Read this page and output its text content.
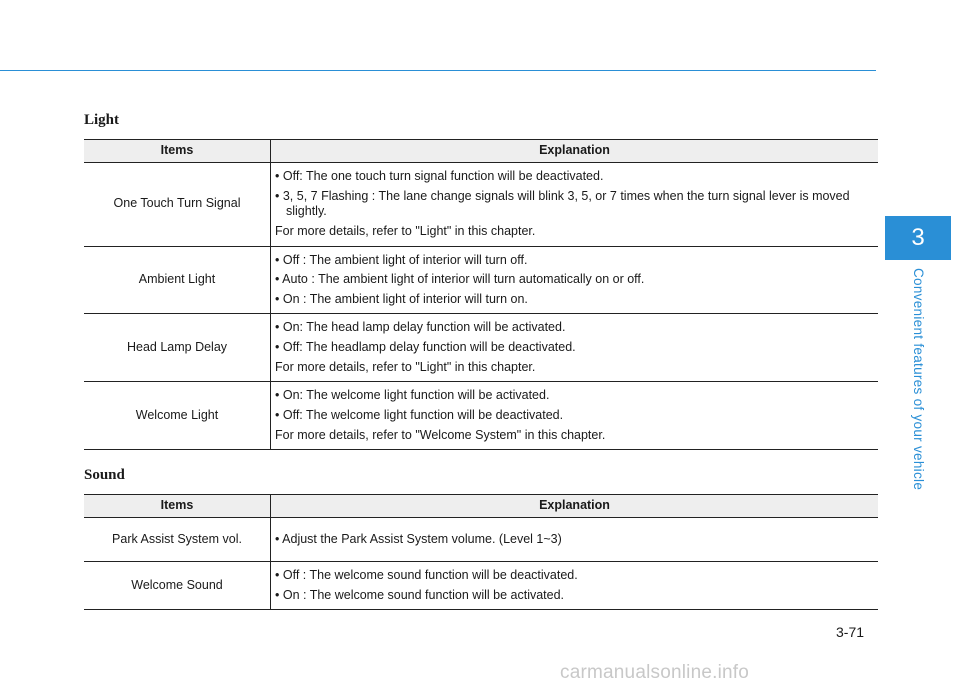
Light
Items	Explanation
One Touch Turn Signal	• Off: The one touch turn signal function will be deactivated.
• 3, 5, 7 Flashing : The lane change signals will blink 3, 5, or 7 times when the turn signal lever is moved slightly.
For more details, refer to "Light" in this chapter.

Ambient Light	• Off : The ambient light of interior will turn off.
• Auto : The ambient light of interior will turn automatically on or off.
• On : The ambient light of interior will turn on.

Head Lamp Delay	• On: The head lamp delay function will be activated.
• Off: The headlamp delay function will be deactivated.
For more details, refer to "Light" in this chapter.

Welcome Light	• On: The welcome light function will be activated.
• Off: The welcome light function will be deactivated.
For more details, refer to "Welcome System" in this chapter.
Sound
Items	Explanation
Park Assist System vol.	• Adjust the Park Assist System volume. (Level 1~3)

Welcome Sound	• Off : The welcome sound function will be deactivated.
• On : The welcome sound function will be activated.
3
Convenient features of your vehicle
3-71
carmanualsonline.info
